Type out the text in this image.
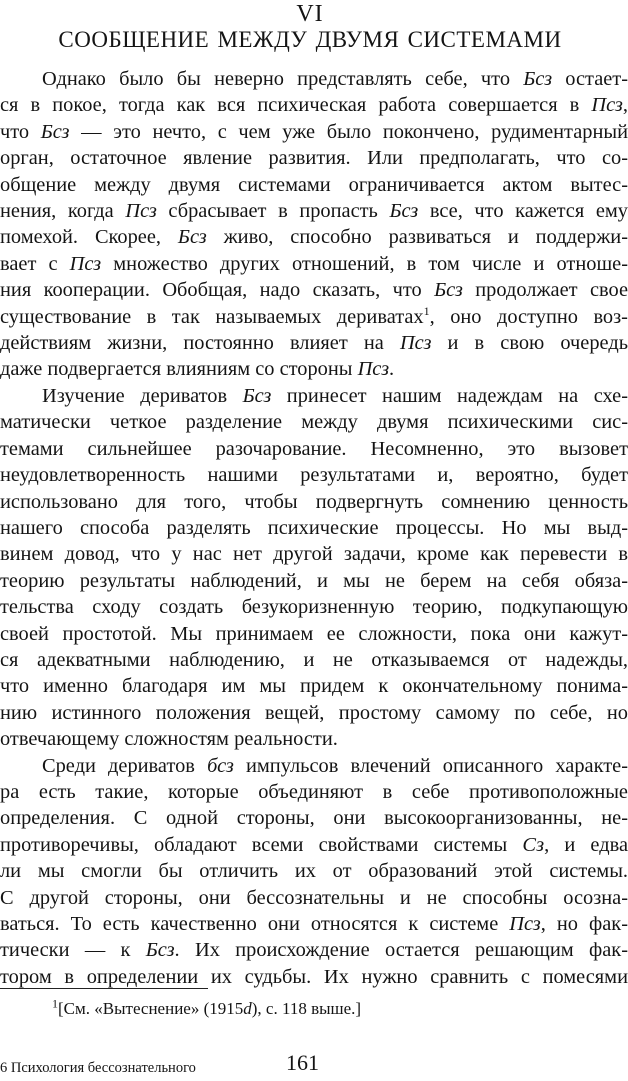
VI
СООБЩЕНИЕ МЕЖДУ ДВУМЯ СИСТЕМАМИ
Однако было бы неверно представлять себе, что Бсз остает-
ся в покое, тогда как вся психическая работа совершается в Псз,
что Бсз — это нечто, с чем уже было покончено, рудиментарный
орган, остаточное явление развития. Или предполагать, что со-
общение между двумя системами ограничивается актом вытес-
нения, когда Псз сбрасывает в пропасть Бсз все, что кажется ему
помехой. Скорее, Бсз живо, способно развиваться и поддержи-
вает с Псз множество других отношений, в том числе и отноше-
ния кооперации. Обобщая, надо сказать, что Бсз продолжает свое
существование в так называемых дериватах$^1$, оно доступно воз-
действиям жизни, постоянно влияет на Псз и в свою очередь
даже подвергается влияниям со стороны Псз.
Изучение дериватов Бсз принесет нашим надеждам на схе-
матически четкое разделение между двумя психическими сис-
темами сильнейшее разочарование. Несомненно, это вызовет
неудовлетворенность нашими результатами и, вероятно, будет
использовано для того, чтобы подвергнуть сомнению ценность
нашего способа разделять психические процессы. Но мы выд-
винем довод, что у нас нет другой задачи, кроме как перевести в
теорию результаты наблюдений, и мы не берем на себя обяза-
тельства сходу создать безукоризненную теорию, подкупающую
своей простотой. Мы принимаем ее сложности, пока они кажут-
ся адекватными наблюдению, и не отказываемся от надежды,
что именно благодаря им мы придем к окончательному понима-
нию истинного положения вещей, простому самому по себе, но
отвечающему сложностям реальности.
Среди дериватов бсз импульсов влечений описанного характе-
ра есть такие, которые объединяют в себе противоположные
определения. С одной стороны, они высокоорганизованны, не-
противоречивы, обладают всеми свойствами системы Сз, и едва
ли мы смогли бы отличить их от образований этой системы.
С другой стороны, они бессознательны и не способны осозна-
ваться. То есть качественно они относятся к системе Псз, но фак-
тически — к Бсз. Их происхождение остается решающим фак-
тором в определении их судьбы. Их нужно сравнить с помесями
$^1$[См. «Вытеснение» (1915d), с. 118 выше.]
6 Психология бессознательного	161
